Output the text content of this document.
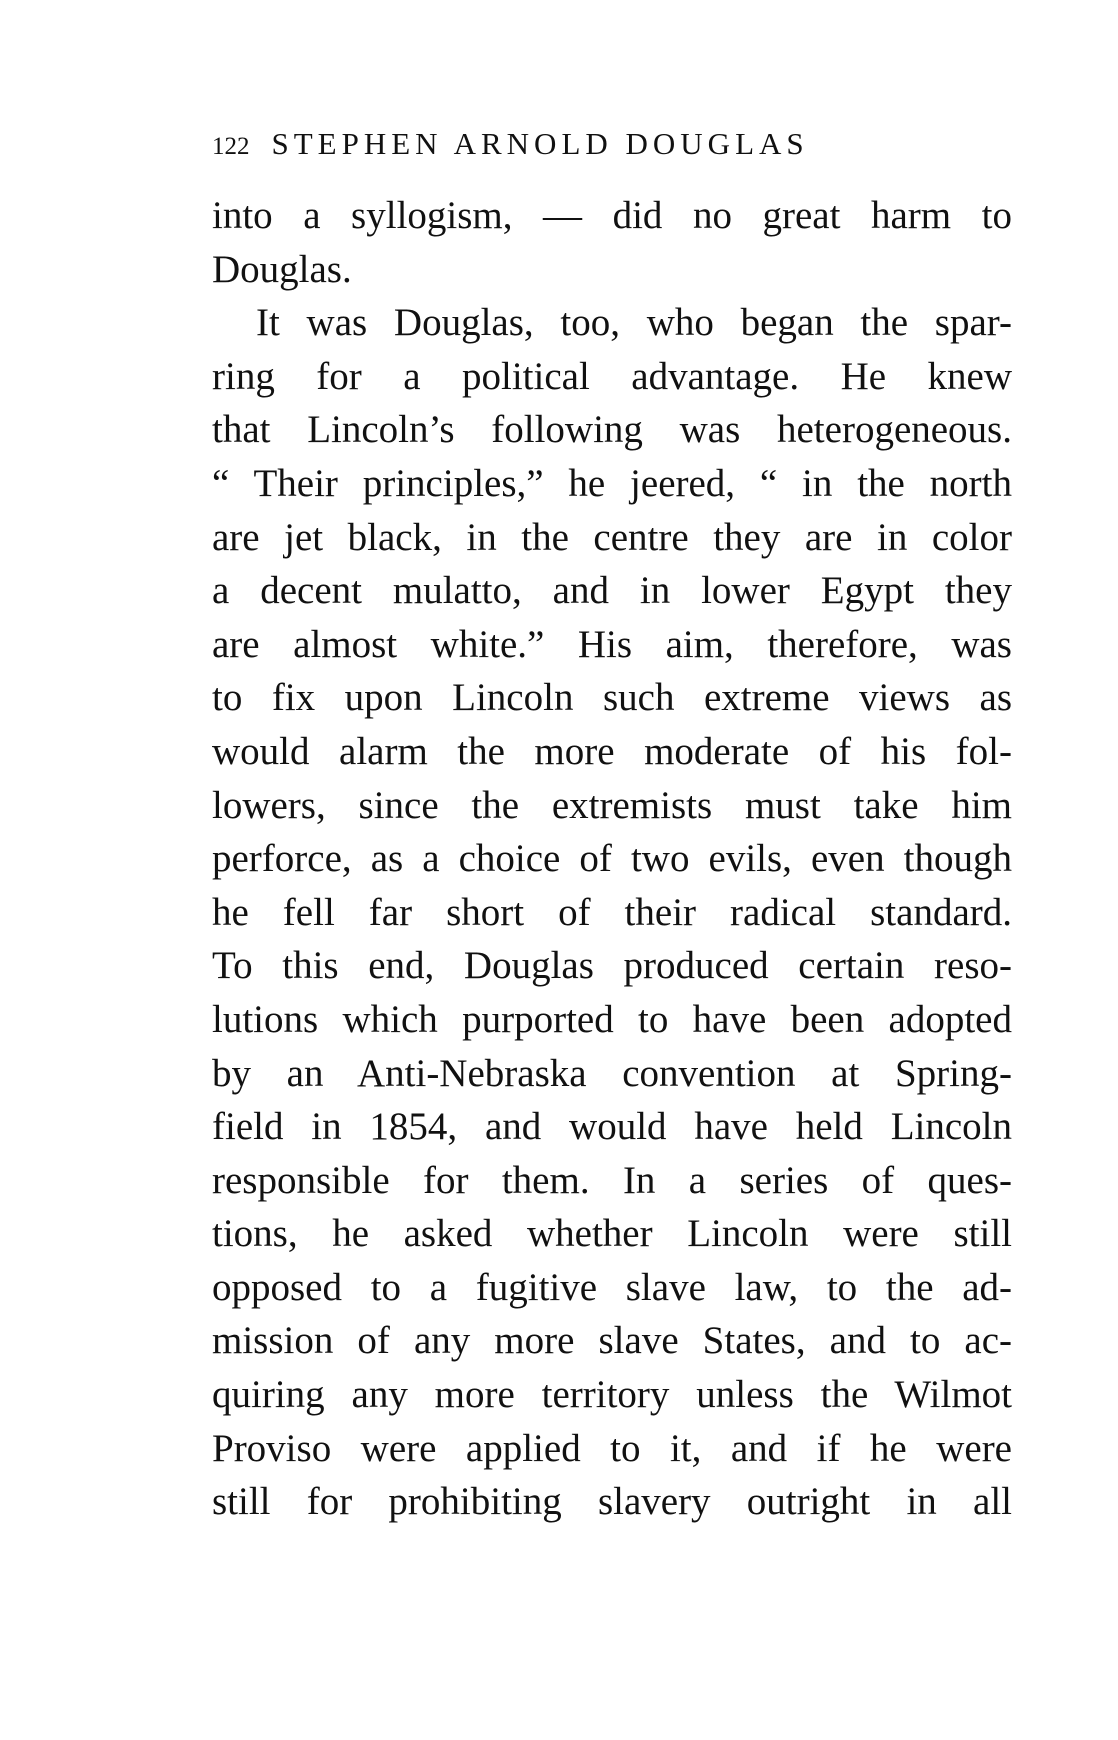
122 STEPHEN ARNOLD DOUGLAS
into a syllogism, — did no great harm to
Douglas.
It was Douglas, too, who began the spar-
ring for a political advantage. He knew
that Lincoln’s following was heterogeneous.
“ Their principles,” he jeered, “ in the north
are jet black, in the centre they are in color
a decent mulatto, and in lower Egypt they
are almost white.” His aim, therefore, was
to fix upon Lincoln such extreme views as
would alarm the more moderate of his fol-
lowers, since the extremists must take him
perforce, as a choice of two evils, even though
he fell far short of their radical standard.
To this end, Douglas produced certain reso-
lutions which purported to have been adopted
by an Anti-Nebraska convention at Spring-
field in 1854, and would have held Lincoln
responsible for them. In a series of ques-
tions, he asked whether Lincoln were still
opposed to a fugitive slave law, to the ad-
mission of any more slave States, and to ac-
quiring any more territory unless the Wilmot
Proviso were applied to it, and if he were
still for prohibiting slavery outright in all
